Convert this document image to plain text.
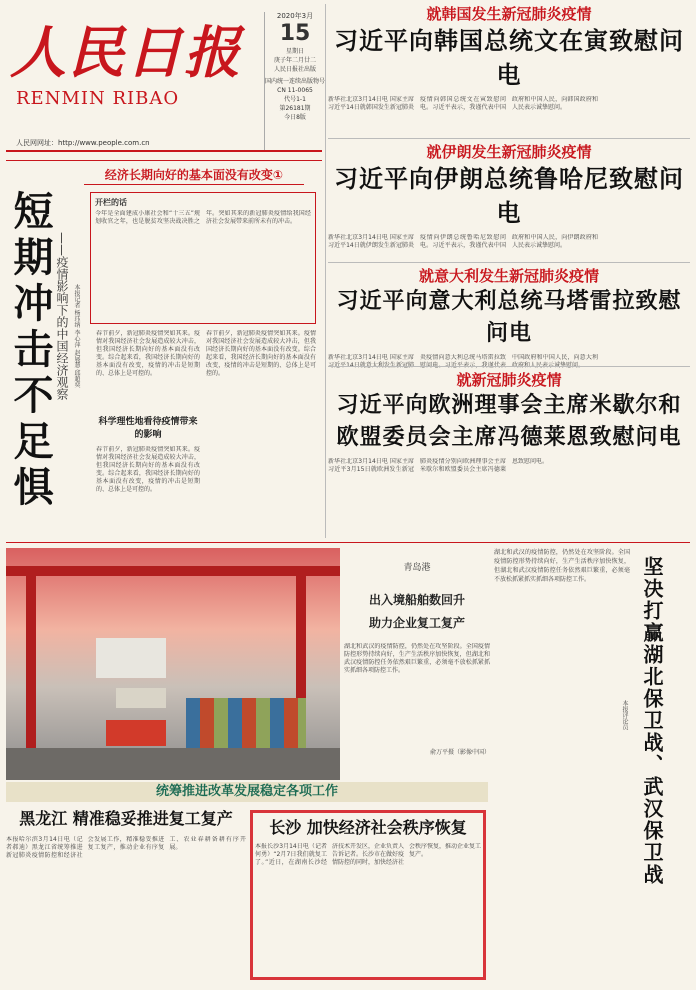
人民日报
RENMIN RIBAO
人民网网址：http://www.people.com.cn
2020年3月
15
星期日
庚子年二月廿二
人民日报社出版
国内统一连续出版物号
CN 11-0065
代号1-1
第26181期
今日8版
就韩国发生新冠肺炎疫情
习近平向韩国总统文在寅致慰问电
新华社北京3月14日电 国家主席习近平14日就韩国发生新冠肺炎疫情向韩国总统文在寅致慰问电。习近平表示，我谨代表中国政府和中国人民，向韩国政府和人民表示诚挚慰问。
就伊朗发生新冠肺炎疫情
习近平向伊朗总统鲁哈尼致慰问电
新华社北京3月14日电 国家主席习近平14日就伊朗发生新冠肺炎疫情向伊朗总统鲁哈尼致慰问电。习近平表示，我谨代表中国政府和中国人民，向伊朗政府和人民表示诚挚慰问。
就意大利发生新冠肺炎疫情
习近平向意大利总统马塔雷拉致慰问电
新华社北京3月14日电 国家主席 炎疫情向意大利总统马塔雷拉致 中国政府和中国人民，向意大利
就新冠肺炎疫情
习近平向欧洲理事会主席米歇尔和
欧盟委员会主席冯德莱恩致慰问电
新华社北京3月14日电 国家主席习近平3月15日就欧洲发生新冠肺炎疫情分别向欧洲理事会主席米歇尔和欧盟委员会主席冯德莱恩致慰问电。
经济长期向好的基本面没有改变①
短期冲击不足惧 ——疫情影响下的中国经济观察 本报记者 杨珏纳 李心萍 赵展慧 邱超奕
开栏的话
今年是全面建成小康社会和“十三五”规划收官之年，也是脱贫攻坚决战决胜之年。突如其来的新冠肺炎疫情给我国经济社会发展带来前所未有的冲击。
春节前夕，新冠肺炎疫情突如其来。疫情对我国经济社会发展造成较大冲击，但我国经济长期向好的基本面没有改变。综合起来看，我国经济长期向好的基本面没有改变，疫情的冲击是短期的、总体上是可控的。
科学理性地看待疫情带来的影响
春节前夕，新冠肺炎疫情突如其来。疫情对我国经济社会发展造成较大冲击，但我国经济长期向好的基本面没有改变。综合起来看，我国经济长期向好的基本面没有改变，疫情的冲击是短期的、总体上是可控的。
春节前夕，新冠肺炎疫情突如其来。疫情对我国经济社会发展造成较大冲击，但我国经济长期向好的基本面没有改变。综合起来看，我国经济长期向好的基本面没有改变，疫情的冲击是短期的、总体上是可控的。
青岛港
出入境船舶数回升
助力企业复工复产
湖北和武汉的疫情防控，仍然处在攻坚阶段。全国疫情防控形势持续向好，生产生活秩序加快恢复，但湖北和武汉疫情防控任务依然艰巨繁重，必须毫不放松抓紧抓实抓细各项防控工作。
俞万平摄（影像中国）
湖北和武汉的疫情防控，仍然处在攻坚阶段。全国疫情防控形势持续向好，生产生活秩序加快恢复，但湖北和武汉疫情防控任务依然艰巨繁重，必须毫不放松抓紧抓实抓细各项防控工作。	坚决打赢湖北保卫战、武汉保卫战
本报评论员
统筹推进改革发展稳定各项工作
黑龙江 精准稳妥推进复工复产
本报哈尔滨3月14日电（记者郝迪）黑龙江省统筹推进新冠肺炎疫情防控和经济社会发展工作，精准稳妥推进复工复产，推动企业有序复工、农业春耕备耕有序开展。
长沙 加快经济社会秩序恢复
本报长沙3月14日电（记者何勇）“2月7日我们就复工了。”近日，在湖南长沙经济技术开发区，企业负责人告诉记者。长沙市在做好疫情防控的同时，加快经济社会秩序恢复，推动企业复工复产。
